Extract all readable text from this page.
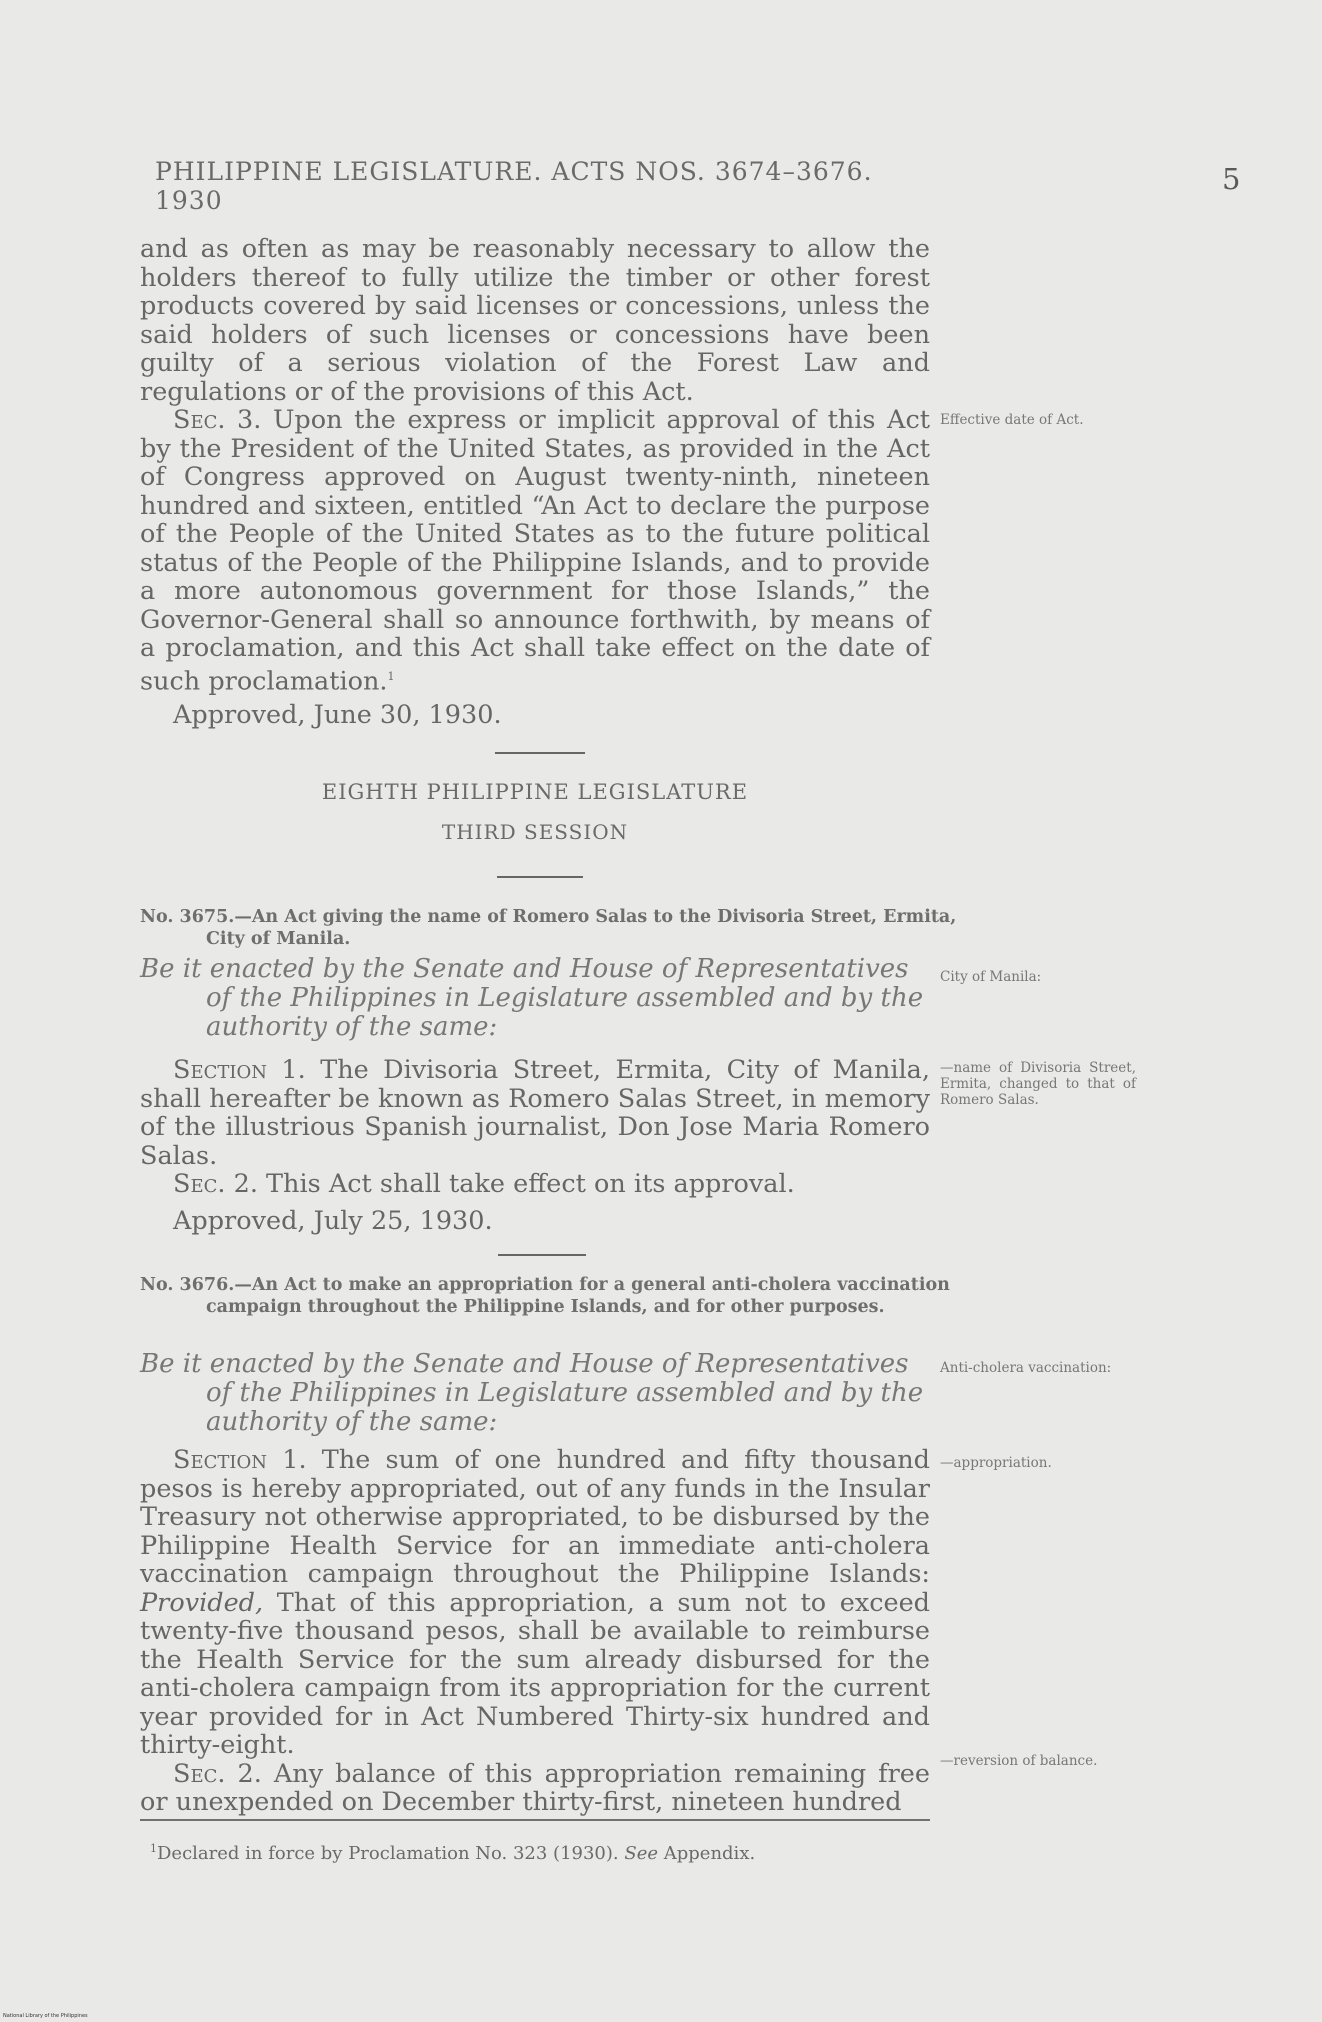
PHILIPPINE LEGISLATURE. ACTS NOS. 3674–3676. 1930
5

and as often as may be reasonably necessary to allow the holders thereof to fully utilize the timber or other forest products covered by said licenses or concessions, unless the said holders of such licenses or concessions have been guilty of a serious violation of the Forest Law and regulations or of the provisions of this Act.

Sec. 3. Upon the express or implicit approval of this Act by the President of the United States, as provided in the Act of Congress approved on August twenty-ninth, nineteen hundred and sixteen, entitled “An Act to declare the purpose of the People of the United States as to the future political status of the People of the Philippine Islands, and to provide a more autonomous government for those Islands,” the Governor-General shall so announce forthwith, by means of a proclamation, and this Act shall take effect on the date of such proclamation.$^1$

Effective date of Act.
Approved, June 30, 1930.
EIGHTH PHILIPPINE LEGISLATURE
THIRD SESSION
No. 3675.—An Act giving the name of Romero Salas to the Divisoria Street, Ermita, City of Manila.
Be it enacted by the Senate and House of Representatives of the Philippines in Legislature assembled and by the authority of the same:
City of Manila:

Section 1. The Divisoria Street, Ermita, City of Manila, shall hereafter be known as Romero Salas Street, in memory of the illustrious Spanish journalist, Don Jose Maria Romero Salas.

Sec. 2. This Act shall take effect on its approval.

—name of Divisoria Street, Ermita, changed to that of Romero Salas.
Approved, July 25, 1930.
No. 3676.—An Act to make an appropriation for a general anti-cholera vaccination campaign throughout the Philippine Islands, and for other purposes.
Be it enacted by the Senate and House of Representatives of the Philippines in Legislature assembled and by the authority of the same:
Anti-cholera vaccination:

Section 1. The sum of one hundred and fifty thousand pesos is hereby appropriated, out of any funds in the Insular Treasury not otherwise appropriated, to be disbursed by the Philippine Health Service for an immediate anti-cholera vaccination campaign throughout the Philippine Islands: Provided, That of this appropriation, a sum not to exceed twenty-five thousand pesos, shall be available to reimburse the Health Service for the sum already disbursed for the anti-cholera campaign from its appropriation for the current year provided for in Act Numbered Thirty-six hundred and thirty-eight.

Sec. 2. Any balance of this appropriation remaining free or unexpended on December thirty-first, nineteen hundred

—appropriation.
—reversion of balance.
$^1$Declared in force by Proclamation No. 323 (1930). See Appendix.
National Library of the Philippines
